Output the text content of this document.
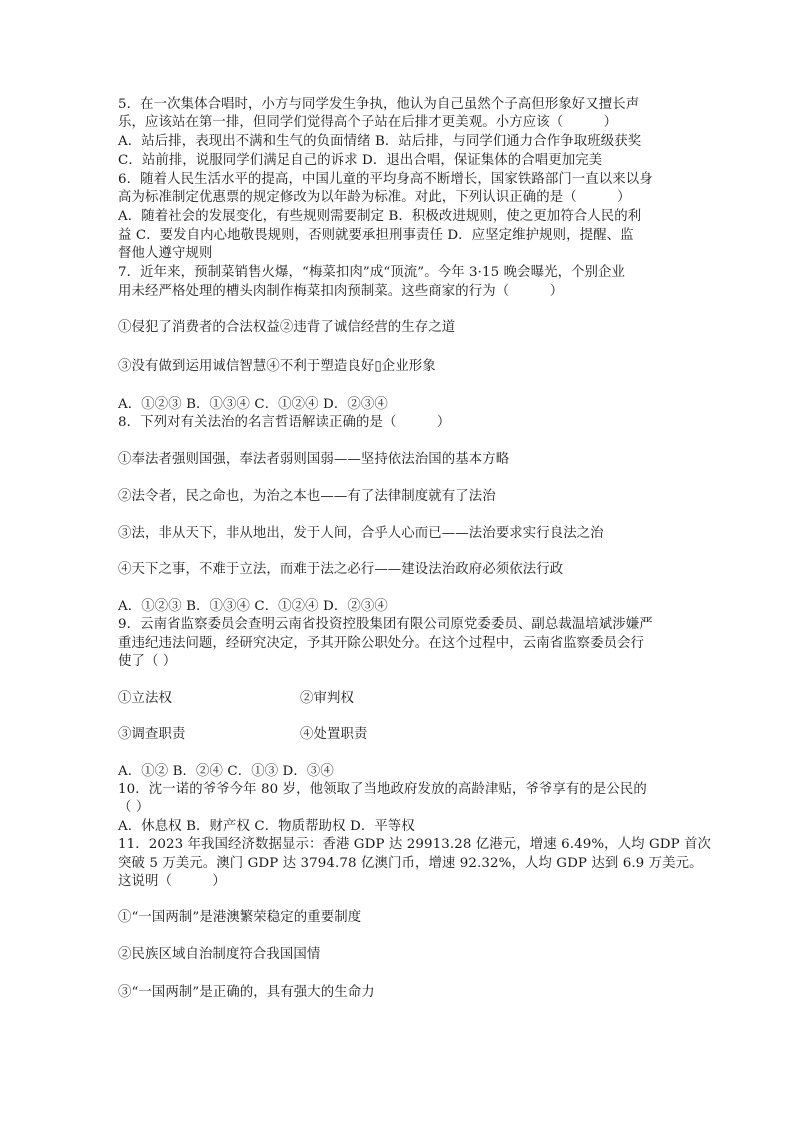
5．在一次集体合唱时，小方与同学发生争执，他认为自己虽然个子高但形象好又擅长声
乐，应该站在第一排，但同学们觉得高个子站在后排才更美观。小方应该（　　　）
A．站后排，表现出不满和生气的负面情绪 B．站后排，与同学们通力合作争取班级获奖
C．站前排，说服同学们满足自己的诉求 D．退出合唱，保证集体的合唱更加完美
6．随着人民生活水平的提高，中国儿童的平均身高不断增长，国家铁路部门一直以来以身
高为标准制定优惠票的规定修改为以年龄为标准。对此，下列认识正确的是（　　　）
A．随着社会的发展变化，有些规则需要制定 B．积极改进规则，使之更加符合人民的利
益 C．要发自内心地敬畏规则，否则就要承担刑事责任 D．应坚定维护规则，提醒、监
督他人遵守规则
7．近年来，预制菜销售火爆，“梅菜扣肉”成“顶流”。今年 3·15 晚会曝光，个别企业
用未经严格处理的槽头肉制作梅菜扣肉预制菜。这些商家的行为（　　　）
①侵犯了消费者的合法权益②违背了诚信经营的生存之道
③没有做到运用诚信智慧④不利于塑造良好▯企业形象
A．①②③ B．①③④ C．①②④ D．②③④
8．下列对有关法治的名言哲语解读正确的是（　　　）
①奉法者强则国强，奉法者弱则国弱——坚持依法治国的基本方略
②法令者，民之命也，为治之本也——有了法律制度就有了法治
③法，非从天下，非从地出，发于人间，合乎人心而已——法治要求实行良法之治
④天下之事，不难于立法，而难于法之必行——建设法治政府必须依法行政
A．①②③ B．①③④ C．①②④ D．②③④
9．云南省监察委员会查明云南省投资控股集团有限公司原党委委员、副总裁温培斌涉嫌严
重违纪违法问题，经研究决定，予其开除公职处分。在这个过程中，云南省监察委员会行
使了（ ）
①立法权	②审判权
③调查职责	④处置职责
A．①② B．②④ C．①③ D．③④
10．沈一诺的爷爷今年 80 岁，他领取了当地政府发放的高龄津贴，爷爷享有的是公民的
（ ）
A．休息权 B．财产权 C．物质帮助权 D．平等权
11．2023 年我国经济数据显示：香港 GDP 达 29913.28 亿港元，增速 6.49%，人均 GDP 首次
突破 5 万美元。澳门 GDP 达 3794.78 亿澳门币，增速 92.32%，人均 GDP 达到 6.9 万美元。
这说明（　　　）
①“一国两制”是港澳繁荣稳定的重要制度
②民族区域自治制度符合我国国情
③“一国两制”是正确的，具有强大的生命力
